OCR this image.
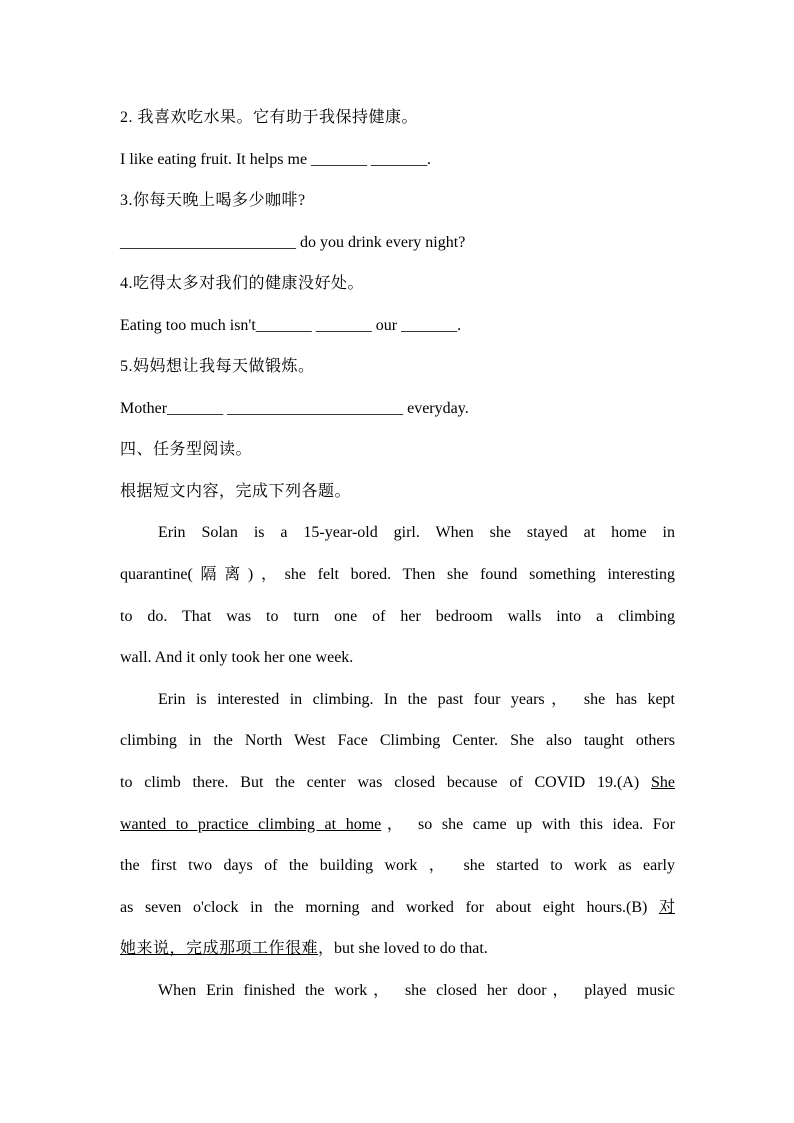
2. 我喜欢吃水果。它有助于我保持健康。
I like eating fruit. It helps me _______ _______.
3.你每天晚上喝多少咖啡?
______________________ do you drink every night?
4.吃得太多对我们的健康没好处。
Eating too much isn't_______ _______ our _______.
5.妈妈想让我每天做锻炼。
Mother_______ ______________________ everyday.
四、任务型阅读。
根据短文内容，完成下列各题。
Erin Solan is a 15-year-old girl. When she stayed at home in
quarantine(隔离)，she felt bored. Then she found something interesting
to do. That was to turn one of her bedroom walls into a climbing
wall. And it only took her one week.
Erin is interested in climbing. In the past four years， she has kept
climbing in the North West Face Climbing Center. She also taught others
to climb there. But the center was closed because of COVID 19.(A) She
wanted to practice climbing at home， so she came up with this idea. For
the first two days of the building work ， she started to work as early
as seven o'clock in the morning and worked for about eight hours.(B) 对
她来说，完成那项工作很难，but she loved to do that.
When Erin finished the work， she closed her door， played music
